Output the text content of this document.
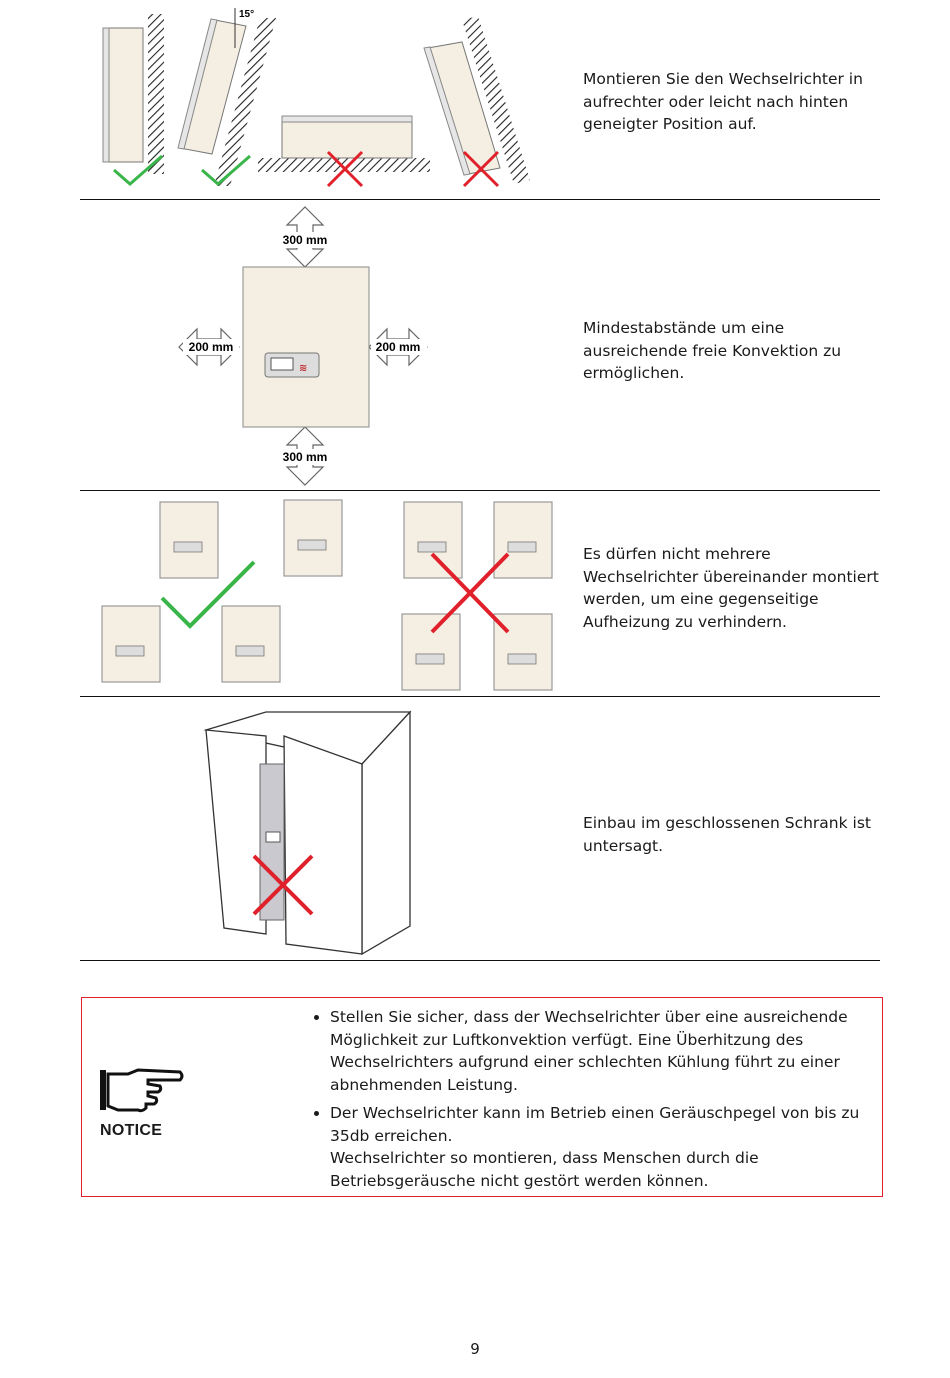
15°
Montieren Sie den Wechselrichter in aufrechter oder leicht nach hinten geneigter Position auf.
≋
300 mm
300 mm
200 mm	200 mm
Mindestabstände um eine ausreichende freie Konvektion zu ermöglichen.
Es dürfen nicht mehrere Wechselrichter übereinander montiert werden, um eine gegenseitige Aufheizung zu verhindern.
Einbau im geschlossenen Schrank ist untersagt.
NOTICE
• Stellen Sie sicher, dass der Wechselrichter über eine ausreichende Möglichkeit zur Luftkonvektion verfügt. Eine Überhitzung des Wechselrichters aufgrund einer schlechten Kühlung führt zu einer abnehmenden Leistung.
• Der Wechselrichter kann im Betrieb einen Geräuschpegel von bis zu 35db erreichen.
Wechselrichter so montieren, dass Menschen durch die Betriebsgeräusche nicht gestört werden können.
9
